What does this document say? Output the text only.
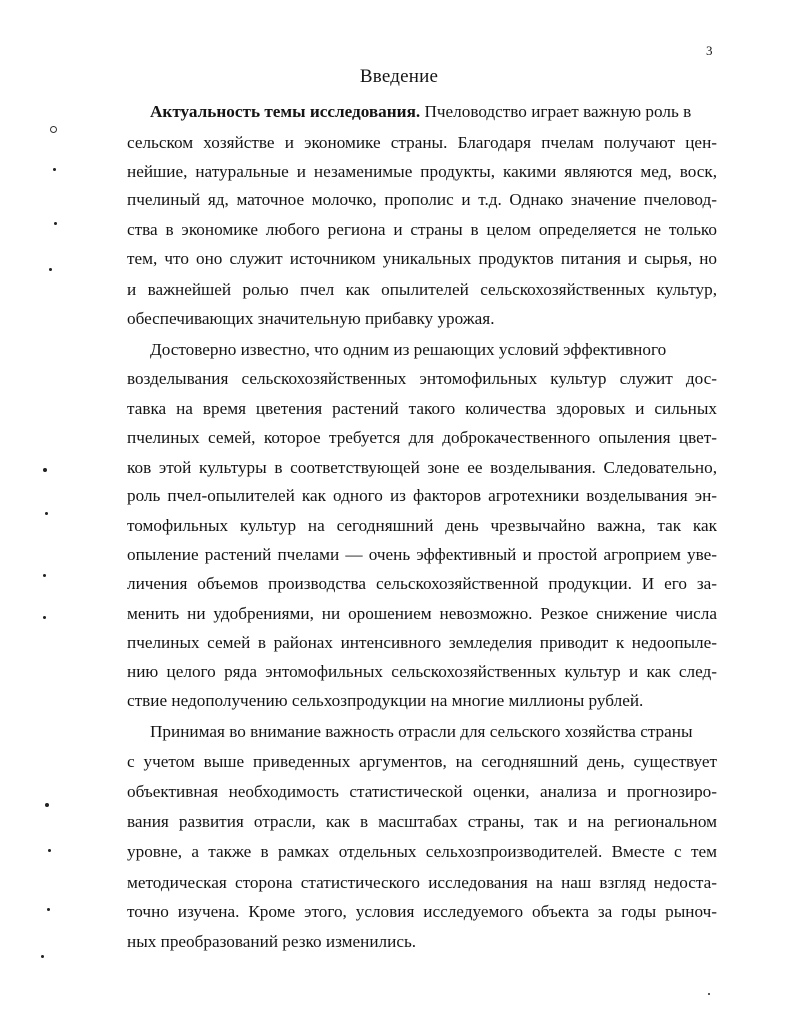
3
Введение
Актуальность темы исследования. Пчеловодство играет важную роль в
сельском хозяйстве и экономике страны. Благодаря пчелам получают цен-
нейшие, натуральные и незаменимые продукты, какими являются мед, воск,
пчелиный яд, маточное молочко, прополис и т.д. Однако значение пчеловод-
ства в экономике любого региона и страны в целом определяется не только
тем, что оно служит источником уникальных продуктов питания и сырья, но
и важнейшей ролью пчел как опылителей сельскохозяйственных культур,
обеспечивающих значительную прибавку урожая.
Достоверно известно, что одним из решающих условий эффективного
возделывания сельскохозяйственных энтомофильных культур служит дос-
тавка на время цветения растений такого количества здоровых и сильных
пчелиных семей, которое требуется для доброкачественного опыления цвет-
ков этой культуры в соответствующей зоне ее возделывания. Следовательно,
роль пчел-опылителей как одного из факторов агротехники возделывания эн-
томофильных культур на сегодняшний день чрезвычайно важна, так как
опыление растений пчелами — очень эффективный и простой агроприем уве-
личения объемов производства сельскохозяйственной продукции. И его за-
менить ни удобрениями, ни орошением невозможно. Резкое снижение числа
пчелиных семей в районах интенсивного земледелия приводит к недоопыле-
нию целого ряда энтомофильных сельскохозяйственных культур и как след-
ствие недополучению сельхозпродукции на многие миллионы рублей.
Принимая во внимание важность отрасли для сельского хозяйства страны
с учетом выше приведенных аргументов, на сегодняшний день, существует
объективная необходимость статистической оценки, анализа и прогнозиро-
вания развития отрасли, как в масштабах страны, так и на региональном
уровне, а также в рамках отдельных сельхозпроизводителей. Вместе с тем
методическая сторона статистического исследования на наш взгляд недоста-
точно изучена. Кроме этого, условия исследуемого объекта за годы рыноч-
ных преобразований резко изменились.
